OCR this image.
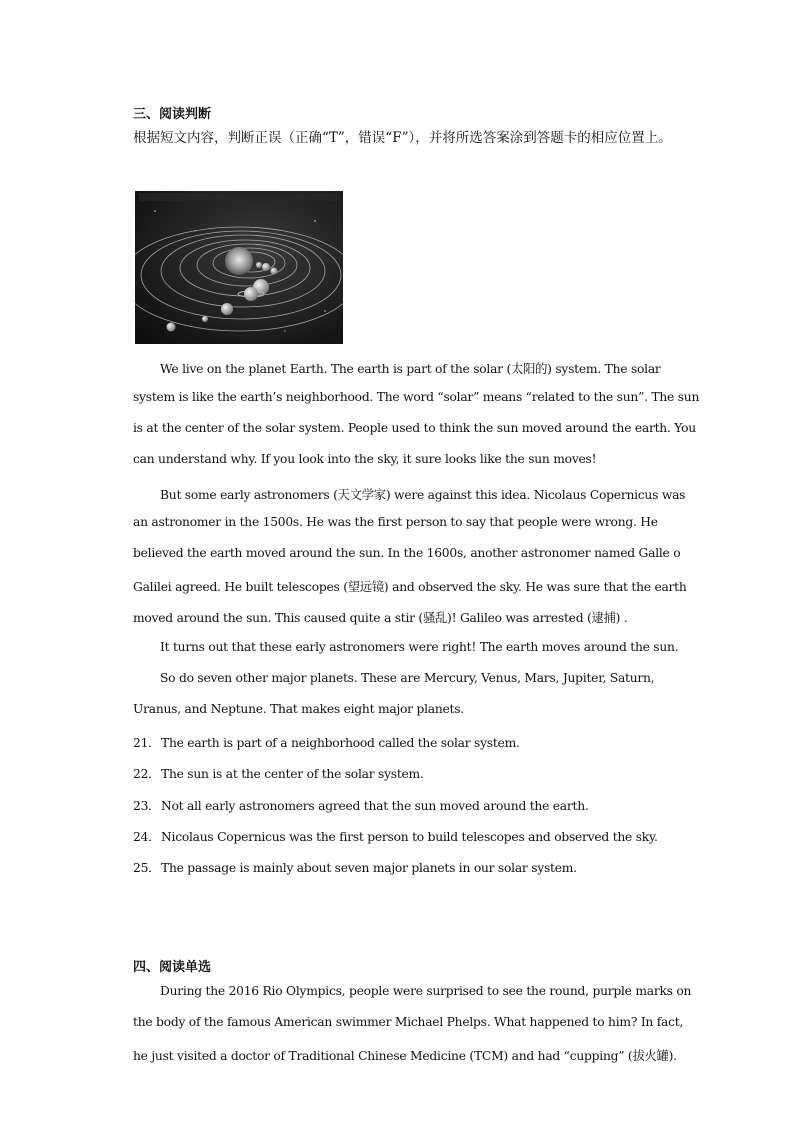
三、阅读判断
根据短文内容，判断正误（正确“T”，错误“F”），并将所选答案涂到答题卡的相应位置上。
We live on the planet Earth. The earth is part of the solar (太阳的) system. The solar
system is like the earth’s neighborhood. The word “solar” means “related to the sun”. The sun
is at the center of the solar system. People used to think the sun moved around the earth. You
can understand why. If you look into the sky, it sure looks like the sun moves!
But some early astronomers (天文学家) were against this idea. Nicolaus Copernicus was
an astronomer in the 1500s. He was the first person to say that people were wrong. He
believed the earth moved around the sun. In the 1600s, another astronomer named Galle o
Galilei agreed. He built telescopes (望远镜) and observed the sky. He was sure that the earth
moved around the sun. This caused quite a stir (骚乱)! Galileo was arrested (逮捕) .
It turns out that these early astronomers were right! The earth moves around the sun.
So do seven other major planets. These are Mercury, Venus, Mars, Jupiter, Saturn,
Uranus, and Neptune. That makes eight major planets.
21．The earth is part of a neighborhood called the solar system.
22．The sun is at the center of the solar system.
23．Not all early astronomers agreed that the sun moved around the earth.
24．Nicolaus Copernicus was the first person to build telescopes and observed the sky.
25．The passage is mainly about seven major planets in our solar system.
四、阅读单选
During the 2016 Rio Olympics, people were surprised to see the round, purple marks on
the body of the famous American swimmer Michael Phelps. What happened to him? In fact,
he just visited a doctor of Traditional Chinese Medicine (TCM) and had “cupping” (拔火罐).
